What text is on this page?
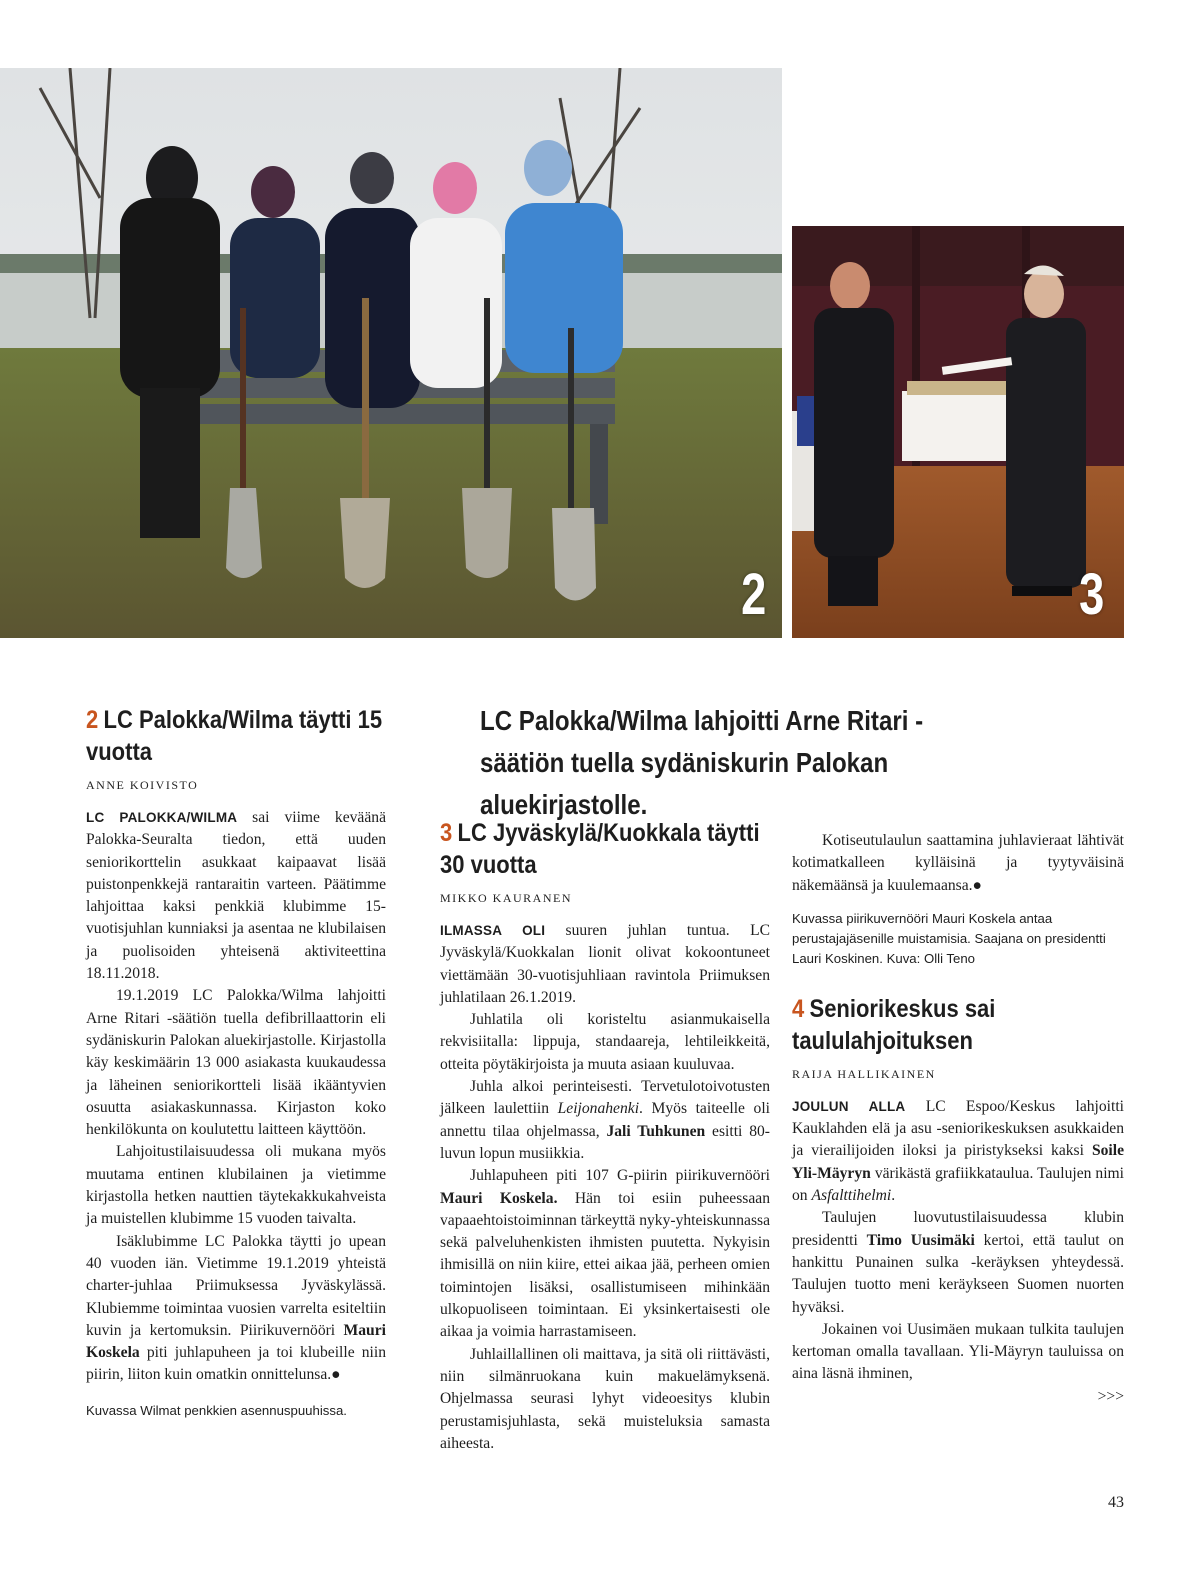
2	3
LC Palokka/Wilma lahjoitti Arne Ritari -säätiön tuella sydäniskurin Palokan aluekirjastolle.
2 LC Palokka/Wilma täytti 15 vuotta
ANNE KOIVISTO

LC PALOKKA/WILMA sai viime keväänä Palokka-Seuralta tiedon, että uuden seniorikorttelin asukkaat kaipaavat lisää puistonpenkkejä rantaraitin varteen. Päätimme lahjoittaa kaksi penkkiä klubimme 15-vuotisjuhlan kunniaksi ja asentaa ne klubilaisen ja puolisoiden yhteisenä aktiviteettina 18.11.2018.

19.1.2019 LC Palokka/Wilma lahjoitti Arne Ritari -säätiön tuella defibrillaattorin eli sydäniskurin Palokan aluekirjastolle. Kirjastolla käy keskimäärin 13 000 asiakasta kuukaudessa ja läheinen seniorikortteli lisää ikääntyvien osuutta asiakaskunnassa. Kirjaston koko henkilökunta on koulutettu laitteen käyttöön.

Lahjoitustilaisuudessa oli mukana myös muutama entinen klubilainen ja vietimme kirjastolla hetken nauttien täytekakkukahveista ja muistellen klubimme 15 vuoden taivalta.

Isäklubimme LC Palokka täytti jo upean 40 vuoden iän. Vietimme 19.1.2019 yhteistä charter-juhlaa Priimuksessa Jyväskylässä. Klubiemme toimintaa vuosien varrelta esiteltiin kuvin ja kertomuksin. Piirikuvernööri Mauri Koskela piti juhlapuheen ja toi klubeille niin piirin, liiton kuin omatkin onnittelunsa.●

Kuvassa Wilmat penkkien asennuspuuhissa.

3 LC Jyväskylä/Kuokkala täytti 30 vuotta
MIKKO KAURANEN

ILMASSA OLI suuren juhlan tuntua. LC Jyväskylä/Kuokkalan lionit olivat kokoontuneet viettämään 30-vuotisjuhliaan ravintola Priimuksen juhlatilaan 26.1.2019.

Juhlatila oli koristeltu asianmukaisella rekvisiitalla: lippuja, standaareja, lehtileikkeitä, otteita pöytäkirjoista ja muuta asiaan kuuluvaa.

Juhla alkoi perinteisesti. Tervetulotoivotusten jälkeen laulettiin Leijonahenki. Myös taiteelle oli annettu tilaa ohjelmassa, Jali Tuhkunen esitti 80-luvun lopun musiikkia.

Juhlapuheen piti 107 G-piirin piirikuvernööri Mauri Koskela. Hän toi esiin puheessaan vapaaehtoistoiminnan tärkeyttä nyky-yhteiskunnassa sekä palveluhenkisten ihmisten puutetta. Nykyisin ihmisillä on niin kiire, ettei aikaa jää, perheen omien toimintojen lisäksi, osallistumiseen mihinkään ulkopuoliseen toimintaan. Ei yksinkertaisesti ole aikaa ja voimia harrastamiseen.

Juhlaillallinen oli maittava, ja sitä oli riittävästi, niin silmänruokana kuin makuelämyksenä. Ohjelmassa seurasi lyhyt videoesitys klubin perustamisjuhlasta, sekä muisteluksia samasta aiheesta.

Kotiseutulaulun saattamina juhlavieraat lähtivät kotimatkalleen kylläisinä ja tyytyväisinä näkemäänsä ja kuulemaansa.●

Kuvassa piirikuvernööri Mauri Koskela antaa perustajajäsenille muistamisia. Saajana on presidentti Lauri Koskinen. Kuva: Olli Teno

4 Seniorikeskus sai taululahjoituksen
RAIJA HALLIKAINEN

JOULUN ALLA LC Espoo/Keskus lahjoitti Kauklahden elä ja asu -seniorikeskuksen asukkaiden ja vierailijoiden iloksi ja piristykseksi kaksi Soile Yli-Mäyryn värikästä grafiikkataulua. Taulujen nimi on Asfalttihelmi.

Taulujen luovutustilaisuudessa klubin presidentti Timo Uusimäki kertoi, että taulut on hankittu Punainen sulka -keräyksen yhteydessä. Taulujen tuotto meni keräykseen Suomen nuorten hyväksi.

Jokainen voi Uusimäen mukaan tulkita taulujen kertoman omalla tavallaan. Yli-Mäyryn tauluissa on aina läsnä ihminen,

>>>
43
